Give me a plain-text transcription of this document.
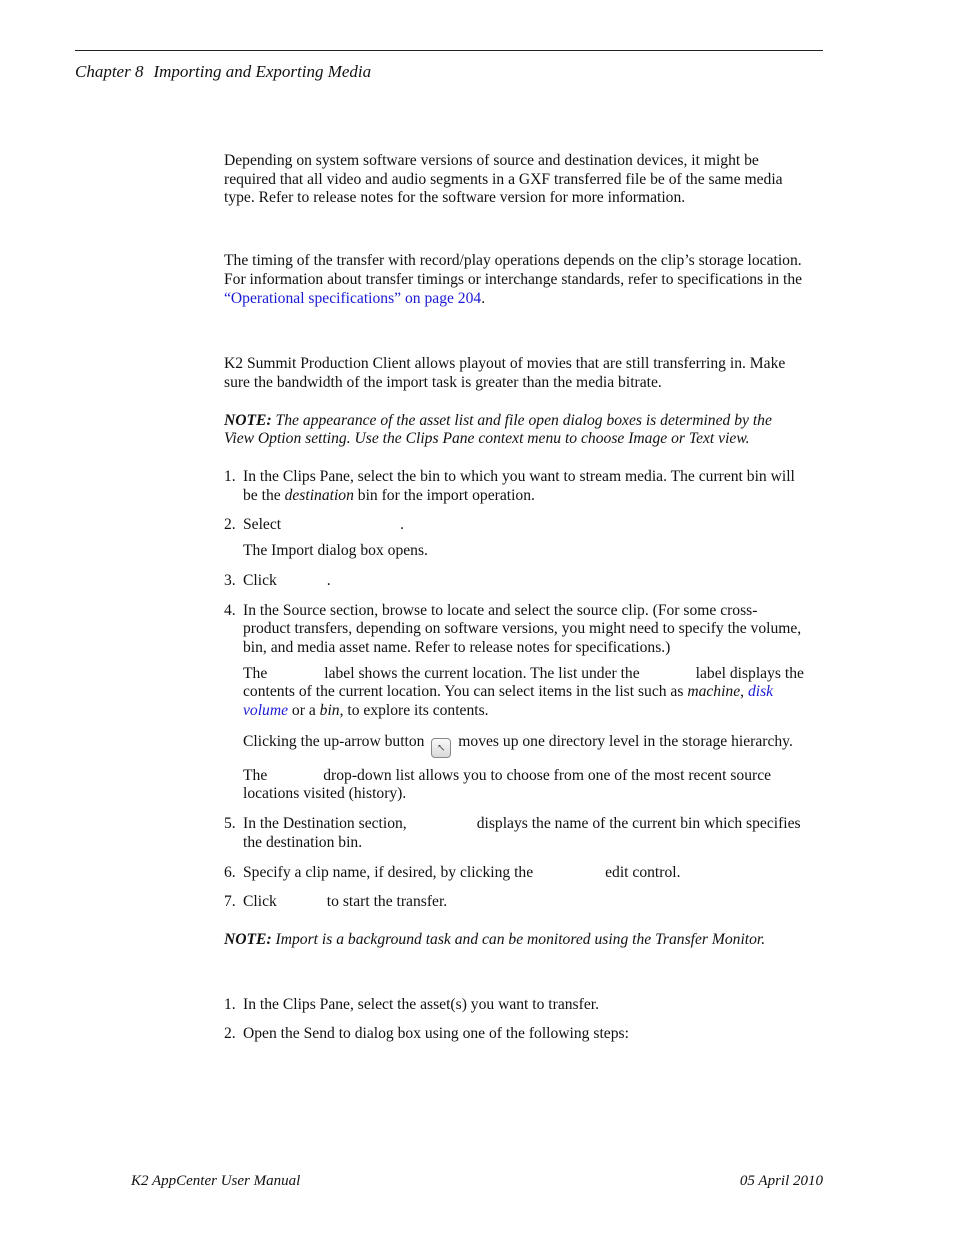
Chapter 8 Importing and Exporting Media

Depending on system software versions of source and destination devices, it might be required that all video and audio segments in a GXF transferred file be of the same media type. Refer to release notes for the software version for more information.

The timing of the transfer with record/play operations depends on the clip’s storage location. For information about transfer timings or interchange standards, refer to specifications in the “Operational specifications” on page 204.

K2 Summit Production Client allows playout of movies that are still transferring in. Make sure the bandwidth of the import task is greater than the media bitrate.

NOTE: The appearance of the asset list and file open dialog boxes is determined by the View Option setting. Use the Clips Pane context menu to choose Image or Text view.

1. In the Clips Pane, select the bin to which you want to stream media. The current bin will be the destination bin for the import operation.
2. Select	.

The Import dialog box opens.

3. Click	.
4. In the Source section, browse to locate and select the source clip. (For some cross-product transfers, depending on software versions, you might need to specify the volume, bin, and media asset name. Refer to release notes for specifications.)

The	label shows the current location. The list under the	label displays the contents of the current location. You can select items in the list such as machine, disk volume or a bin, to explore its contents.

Clicking the up-arrow button ↖ moves up one directory level in the storage hierarchy.

The	drop-down list allows you to choose from one of the most recent source locations visited (history).

5. In the Destination section,	displays the name of the current bin which specifies the destination bin.
6. Specify a clip name, if desired, by clicking the	edit control.
7. Click	to start the transfer.

NOTE: Import is a background task and can be monitored using the Transfer Monitor.

1. In the Clips Pane, select the asset(s) you want to transfer.
2. Open the Send to dialog box using one of the following steps:
K2 AppCenter User Manual	05 April 2010
